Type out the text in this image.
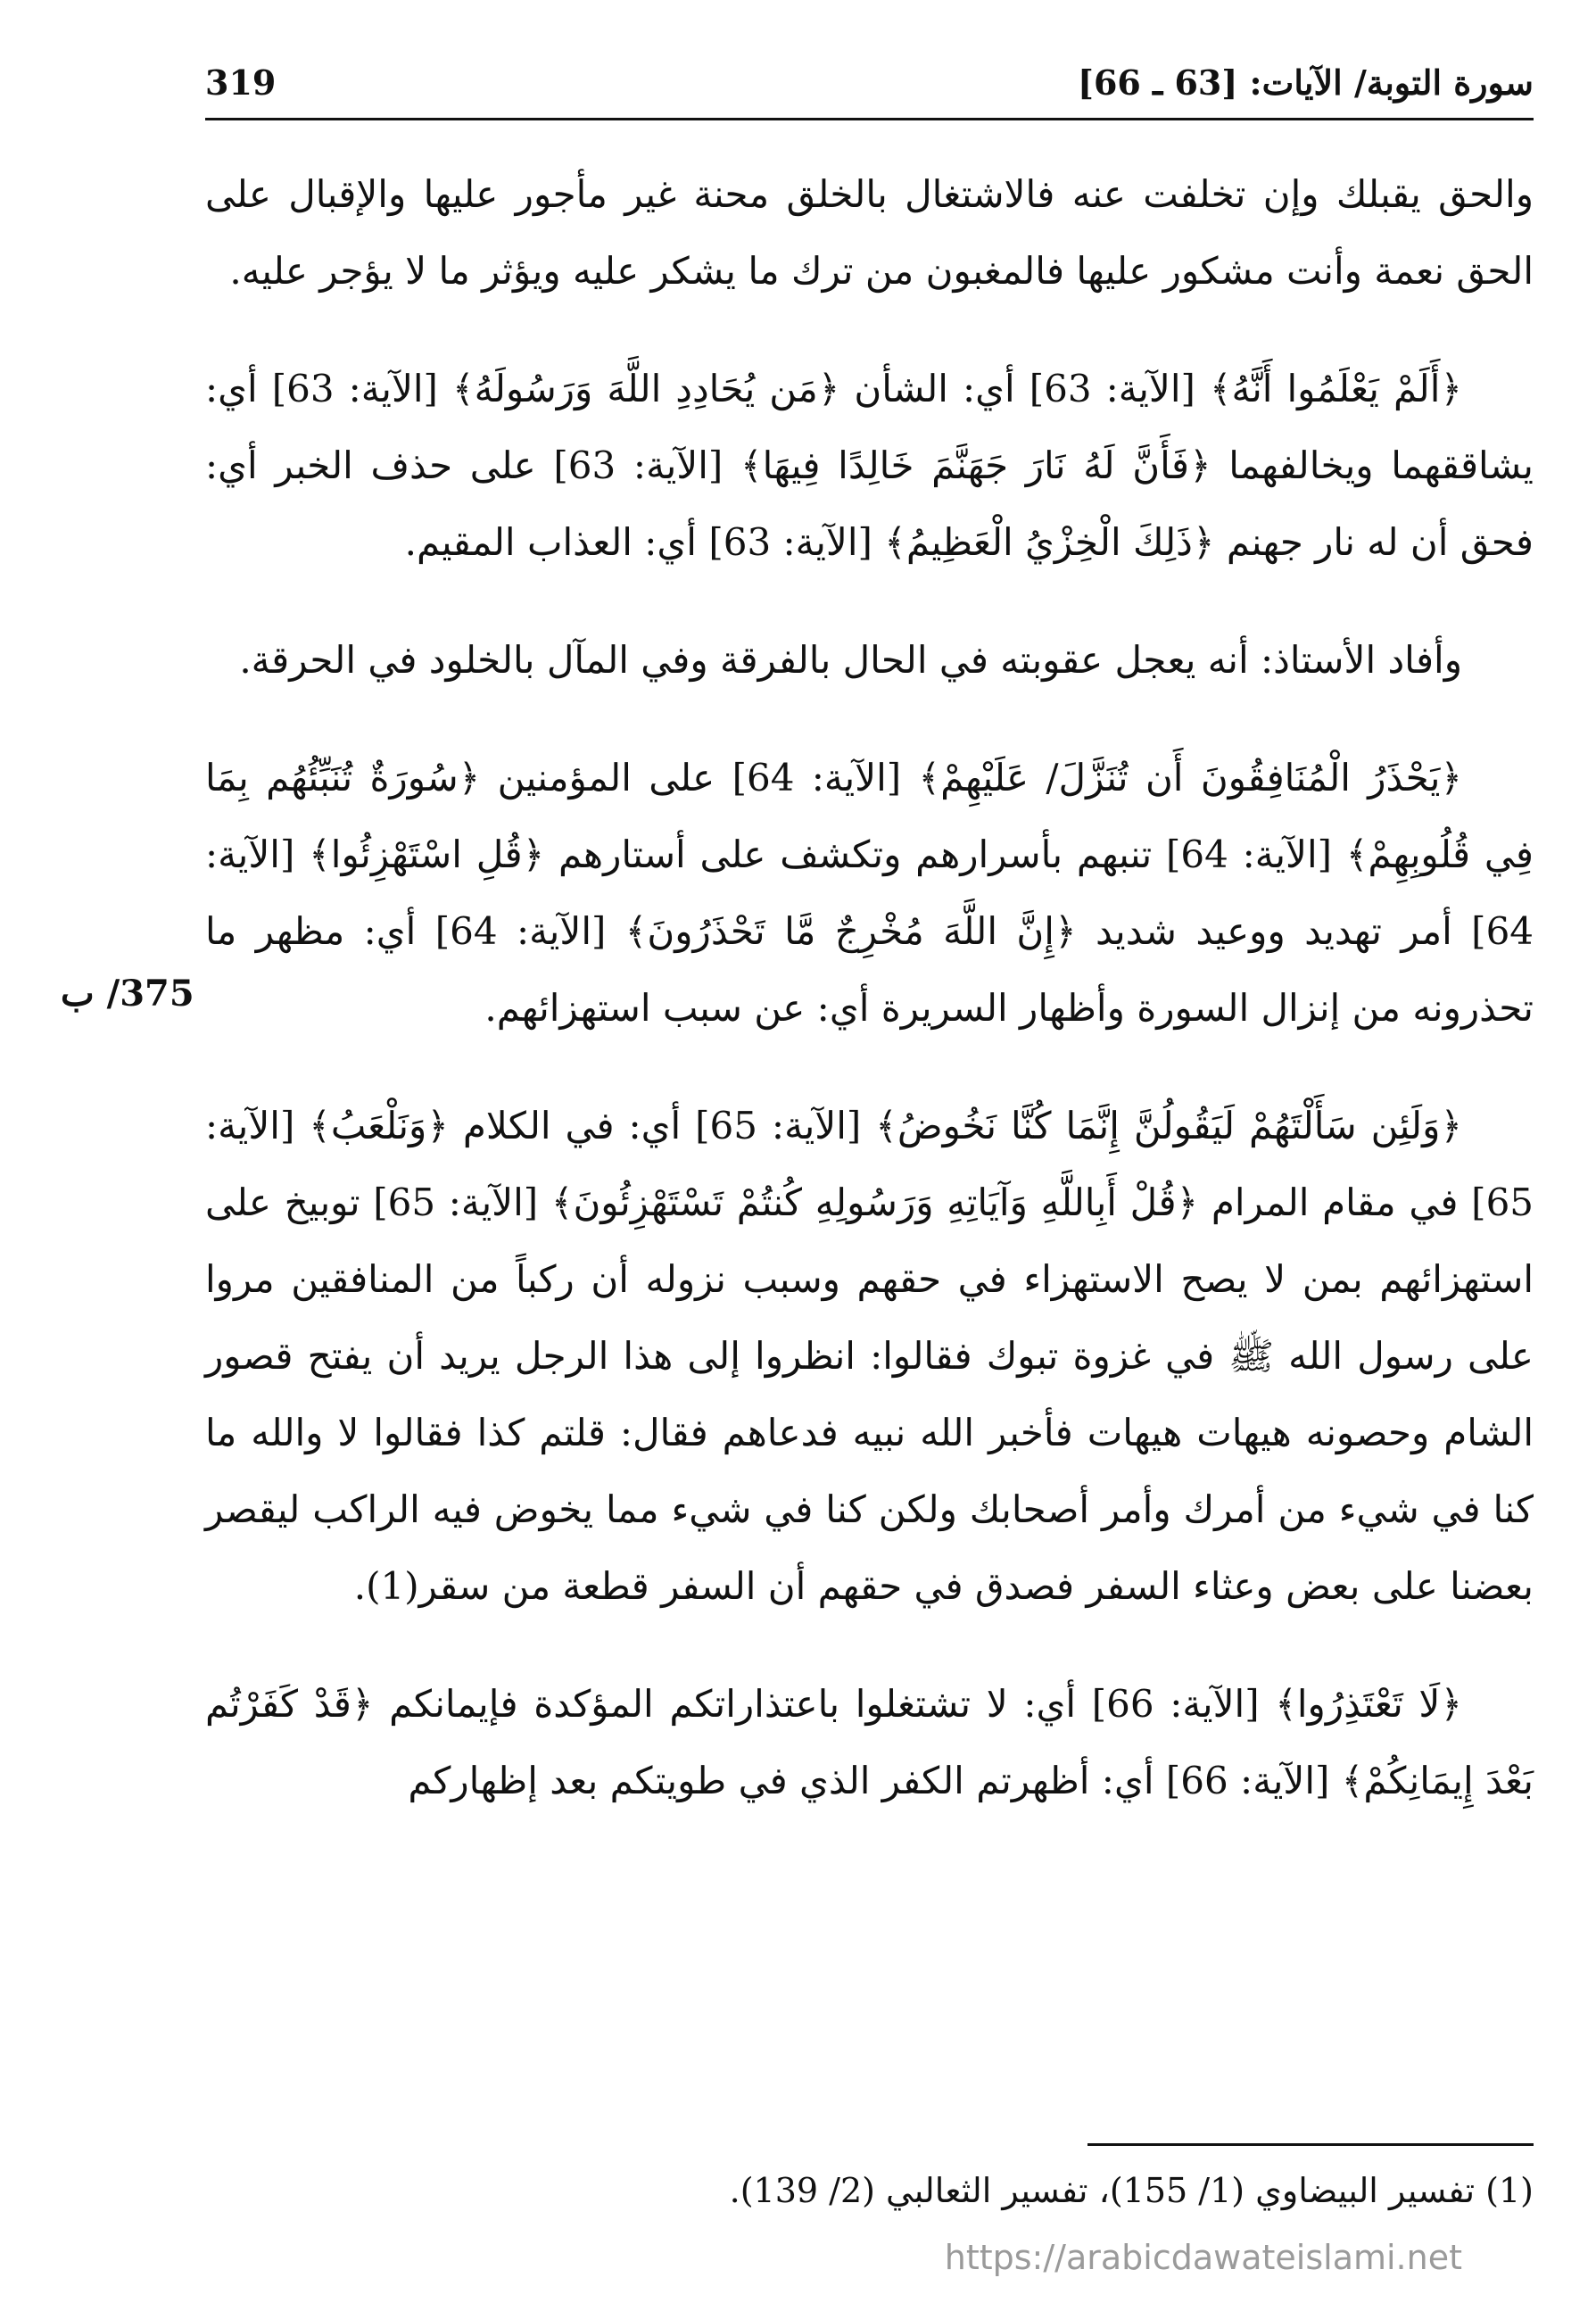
سورة التوبة/ الآيات: [63 ـ 66]
319

والحق يقبلك وإن تخلفت عنه فالاشتغال بالخلق محنة غير مأجور عليها والإقبال على الحق نعمة وأنت مشكور عليها فالمغبون من ترك ما يشكر عليه ويؤثر ما لا يؤجر عليه.

﴿أَلَمْ يَعْلَمُوا أَنَّهُ﴾ [الآية: 63] أي: الشأن ﴿مَن يُحَادِدِ اللَّهَ وَرَسُولَهُ﴾ [الآية: 63] أي: يشاققهما ويخالفهما ﴿فَأَنَّ لَهُ نَارَ جَهَنَّمَ خَالِدًا فِيهَا﴾ [الآية: 63] على حذف الخبر أي: فحق أن له نار جهنم ﴿ذَلِكَ الْخِزْيُ الْعَظِيمُ﴾ [الآية: 63] أي: العذاب المقيم.

وأفاد الأستاذ: أنه يعجل عقوبته في الحال بالفرقة وفي المآل بالخلود في الحرقة.

﴿يَحْذَرُ الْمُنَافِقُونَ أَن تُنَزَّلَ/ عَلَيْهِمْ﴾ [الآية: 64] على المؤمنين ﴿سُورَةٌ تُنَبِّئُهُم بِمَا فِي قُلُوبِهِمْ﴾ [الآية: 64] تنبهم بأسرارهم وتكشف على أستارهم ﴿قُلِ اسْتَهْزِئُوا﴾ [الآية: 64] أمر تهديد ووعيد شديد ﴿إِنَّ اللَّهَ مُخْرِجٌ مَّا تَحْذَرُونَ﴾ [الآية: 64] أي: مظهر ما تحذرونه من إنزال السورة وأظهار السريرة أي: عن سبب استهزائهم.

﴿وَلَئِن سَأَلْتَهُمْ لَيَقُولُنَّ إِنَّمَا كُنَّا نَخُوضُ﴾ [الآية: 65] أي: في الكلام ﴿وَنَلْعَبُ﴾ [الآية: 65] في مقام المرام ﴿قُلْ أَبِاللَّهِ وَآيَاتِهِ وَرَسُولِهِ كُنتُمْ تَسْتَهْزِئُونَ﴾ [الآية: 65] توبيخ على استهزائهم بمن لا يصح الاستهزاء في حقهم وسبب نزوله أن ركباً من المنافقين مروا على رسول الله ﷺ في غزوة تبوك فقالوا: انظروا إلى هذا الرجل يريد أن يفتح قصور الشام وحصونه هيهات هيهات فأخبر الله نبيه فدعاهم فقال: قلتم كذا فقالوا لا والله ما كنا في شيء من أمرك وأمر أصحابك ولكن كنا في شيء مما يخوض فيه الراكب ليقصر بعضنا على بعض وعثاء السفر فصدق في حقهم أن السفر قطعة من سقر(1).

﴿لَا تَعْتَذِرُوا﴾ [الآية: 66] أي: لا تشتغلوا باعتذاراتكم المؤكدة فإيمانكم ﴿قَدْ كَفَرْتُم بَعْدَ إِيمَانِكُمْ﴾ [الآية: 66] أي: أظهرتم الكفر الذي في طويتكم بعد إظهاركم

375/ ب
(1) تفسير البيضاوي (1/ 155)، تفسير الثعالبي (2/ 139).
https://arabicdawateislami.net
